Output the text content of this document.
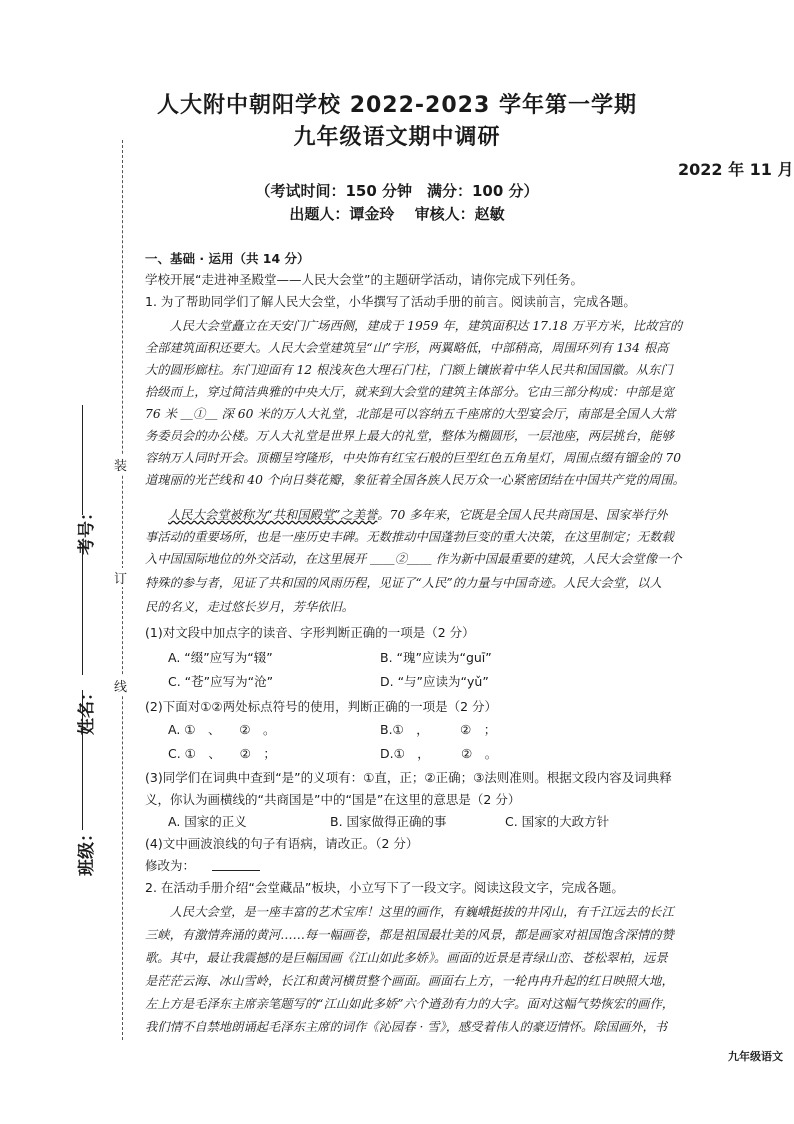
人大附中朝阳学校 2022-2023 学年第一学期
九年级语文期中调研
2022 年 11 月
（考试时间：150 分钟　满分：100 分）
出题人：谭金玲　 审核人：赵敏
装
订
线
班级：
姓名：
考号：
一、基础 · 运用（共 14 分）
学校开展“走进神圣殿堂——人民大会堂”的主题研学活动，请你完成下列任务。
1. 为了帮助同学们了解人民大会堂，小华撰写了活动手册的前言。阅读前言，完成各题。
　　人民大会堂矗立在天安门广场西侧，建成于 1959 年，建筑面积达 17.18 万平方米，比故宫的
全部建筑面积还要大。人民大会堂建筑呈“山”字形，两翼略低，中部稍高，周围环列有 134 根高
大的圆形廊柱。东门迎面有 12 根浅灰色大理石门柱，门额上镶嵌着中华人民共和国国徽。从东门
拾级而上，穿过简洁典雅的中央大厅，就来到大会堂的建筑主体部分。它由三部分构成：中部是宽
76 米 ＿①＿ 深 60 米的万人大礼堂，北部是可以容纳五千座席的大型宴会厅，南部是全国人大常
务委员会的办公楼。万人大礼堂是世界上最大的礼堂，整体为椭圆形，一层池座，两层挑台，能够
容纳万人同时开会。顶棚呈穹隆形，中央饰有红宝石般的巨型红色五角星灯，周围点缀有镏金的 70
道瑰丽的光芒线和 40 个向日葵花瓣，象征着全国各族人民万众一心紧密团结在中国共产党的周围。
人民大会堂被称为“共和国殿堂”之美誉。70 多年来，它既是全国人民共商国是、国家举行外
事活动的重要场所，也是一座历史丰碑。无数推动中国蓬勃巨变的重大决策，在这里制定；无数载
入中国国际地位的外交活动，在这里展开 ＿＿②＿＿ 作为新中国最重要的建筑，人民大会堂像一个
特殊的参与者，见证了共和国的风雨历程，见证了“人民”的力量与中国奇迹。人民大会堂，以人
民的名义，走过悠长岁月，芳华依旧。
(1)对文段中加点字的读音、字形判断正确的一项是（2 分）
A. “缀”应写为“辍”	B. “瑰”应读为“guī”
C. “苍”应写为“沧”	D. “与”应读为“yǔ”
(2)下面对①②两处标点符号的使用，判断正确的一项是（2 分）
A. ①　、　　②　。	B.①　，　　　②　；
C. ①　、　　②　；	D.①　，　　　②　。
(3)同学们在词典中查到“是”的义项有：①直，正；②正确；③法则准则。根据文段内容及词典释
义，你认为画横线的“共商国是”中的“国是”在这里的意思是（2 分）
A. 国家的正义	B. 国家做得正确的事	C. 国家的大政方针
(4)文中画波浪线的句子有语病，请改正。（2 分）
修改为：
2. 在活动手册介绍“会堂藏品”板块，小立写下了一段文字。阅读这段文字，完成各题。
　　人民大会堂，是一座丰富的艺术宝库！这里的画作，有巍峨挺拔的井冈山，有千江远去的长江
三峡，有激情奔涌的黄河……每一幅画卷，都是祖国最壮美的风景，都是画家对祖国饱含深情的赞
歌。其中，最让我震撼的是巨幅国画《江山如此多娇》。画面的近景是青绿山峦、苍松翠柏，远景
是茫茫云海、冰山雪岭，长江和黄河横贯整个画面。画面右上方，一轮冉冉升起的红日映照大地，
左上方是毛泽东主席亲笔题写的“江山如此多娇”六个遒劲有力的大字。面对这幅气势恢宏的画作，
我们情不自禁地朗诵起毛泽东主席的词作《沁园春 · 雪》，感受着伟人的豪迈情怀。除国画外，书
九年级语文
